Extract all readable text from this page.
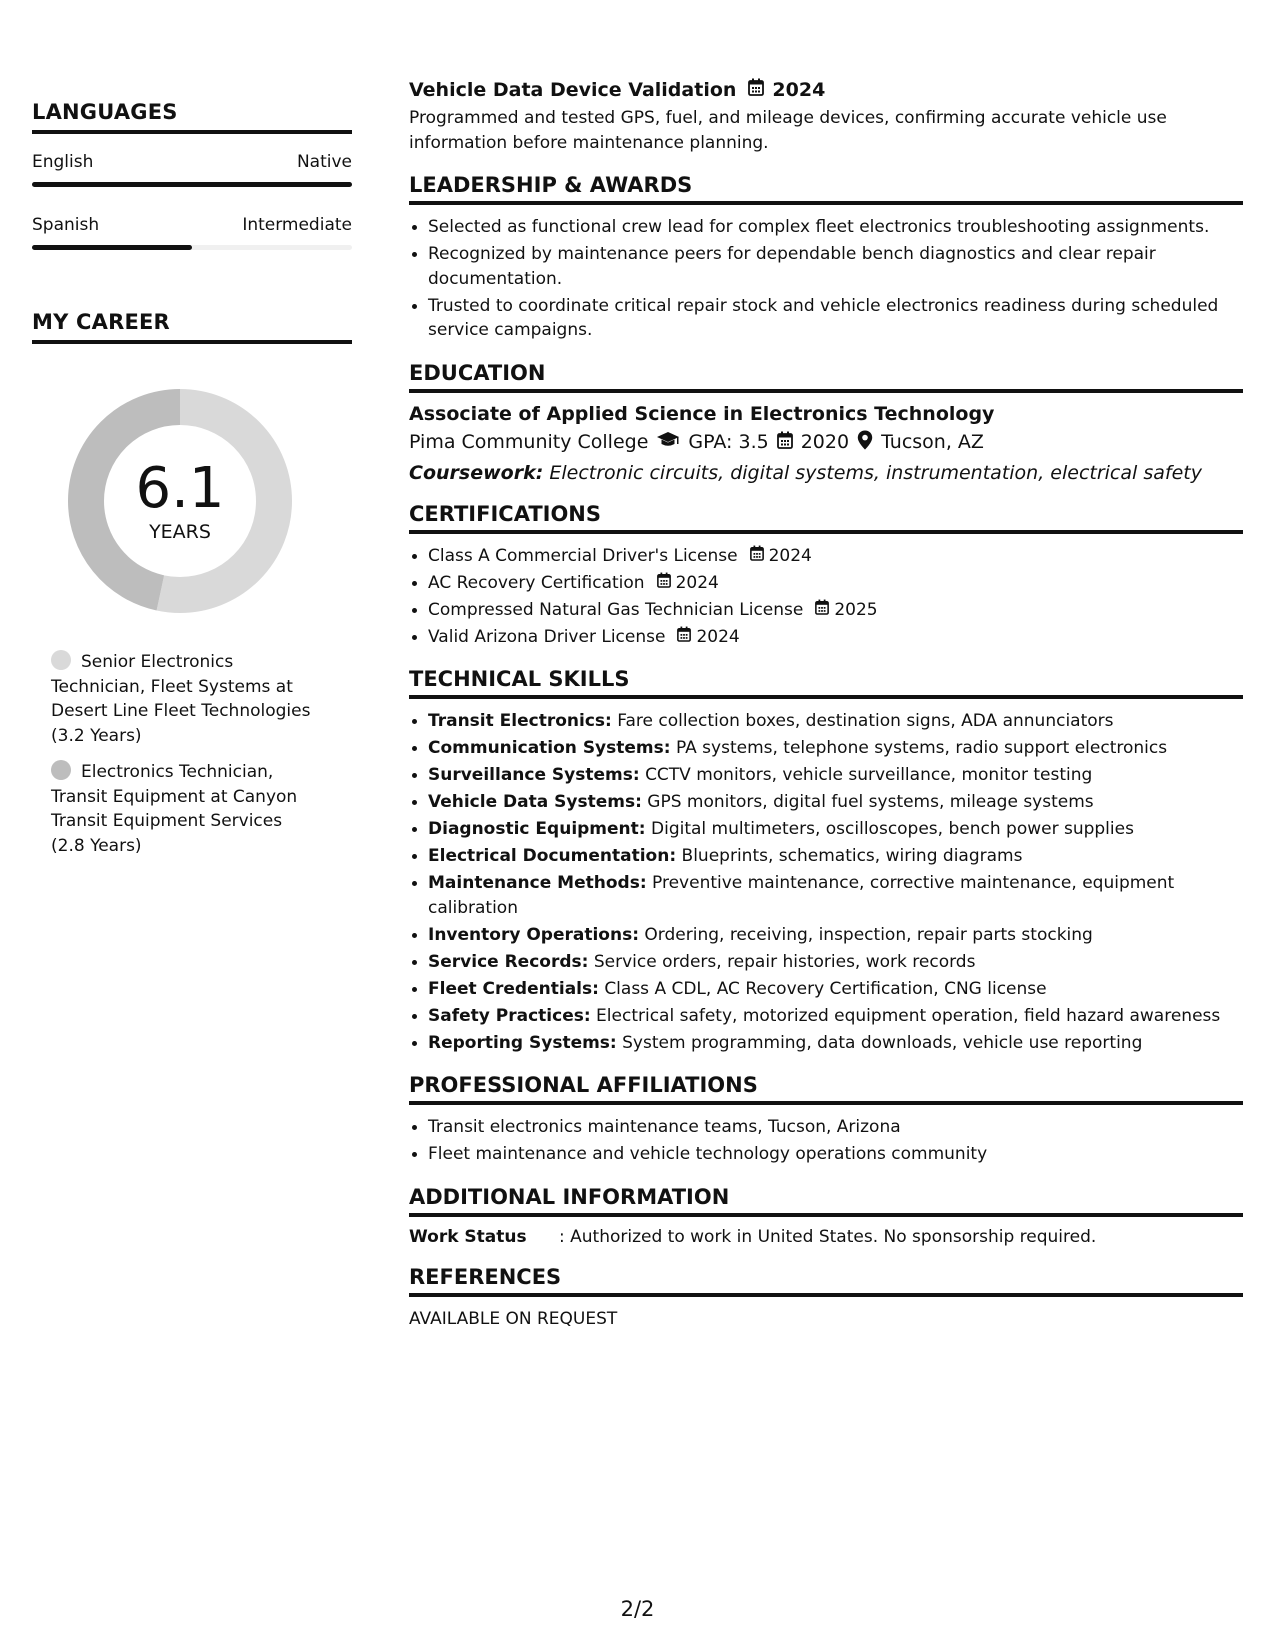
LANGUAGES
English	Native
Spanish	Intermediate
MY CAREER
6.1
YEARS
Senior Electronics Technician, Fleet Systems at Desert Line Fleet Technologies (3.2 Years)
Electronics Technician, Transit Equipment at Canyon Transit Equipment Services (2.8 Years)
Vehicle Data Device Validation 2024
Programmed and tested GPS, fuel, and mileage devices, confirming accurate vehicle use information before maintenance planning.
LEADERSHIP & AWARDS
Selected as functional crew lead for complex fleet electronics troubleshooting assignments.
Recognized by maintenance peers for dependable bench diagnostics and clear repair documentation.
Trusted to coordinate critical repair stock and vehicle electronics readiness during scheduled service campaigns.
EDUCATION
Associate of Applied Science in Electronics Technology
Pima Community College GPA: 3.5 2020 Tucson, AZ
Coursework: Electronic circuits, digital systems, instrumentation, electrical safety
CERTIFICATIONS
Class A Commercial Driver's License 2024
AC Recovery Certification 2024
Compressed Natural Gas Technician License 2025
Valid Arizona Driver License 2024
TECHNICAL SKILLS
Transit Electronics: Fare collection boxes, destination signs, ADA annunciators
Communication Systems: PA systems, telephone systems, radio support electronics
Surveillance Systems: CCTV monitors, vehicle surveillance, monitor testing
Vehicle Data Systems: GPS monitors, digital fuel systems, mileage systems
Diagnostic Equipment: Digital multimeters, oscilloscopes, bench power supplies
Electrical Documentation: Blueprints, schematics, wiring diagrams
Maintenance Methods: Preventive maintenance, corrective maintenance, equipment calibration
Inventory Operations: Ordering, receiving, inspection, repair parts stocking
Service Records: Service orders, repair histories, work records
Fleet Credentials: Class A CDL, AC Recovery Certification, CNG license
Safety Practices: Electrical safety, motorized equipment operation, field hazard awareness
Reporting Systems: System programming, data downloads, vehicle use reporting
PROFESSIONAL AFFILIATIONS
Transit electronics maintenance teams, Tucson, Arizona
Fleet maintenance and vehicle technology operations community
ADDITIONAL INFORMATION
Work Status	: Authorized to work in United States. No sponsorship required.
REFERENCES
AVAILABLE ON REQUEST
2/2
